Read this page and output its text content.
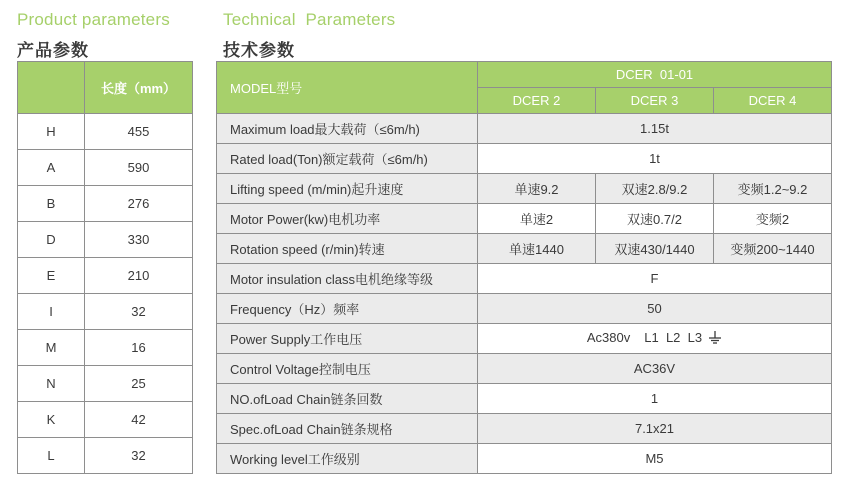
Product parameters
产品参数
Technical  Parameters
技术参数
	长度（mm）
H	455
A	590
B	276
D	330
E	210
I	32
M	16
N	25
K	42
L	32
MODEL型号	DCER  01-01		
	DCER 2	DCER 3	DCER 4
Maximum load最大载荷（≤6m/h)	1.15t		
Rated load(Ton)额定载荷（≤6m/h)	1t		
Lifting speed (m/min)起升速度	单速9.2	双速2.8/9.2	变频1.2~9.2
Motor Power(kw)电机功率	单速2	双速0.7/2	变频2
Rotation speed (r/min)转速	单速1440	双速430/1440	变频200~1440
Motor insulation class电机绝缘等级	F		
Frequency（Hz）频率	50		
Power Supply工作电压	Ac380v L1  L2  L3		
Control Voltage控制电压	AC36V		
NO.ofLoad Chain链条回数	1		
Spec.ofLoad Chain链条规格	7.1x21		
Working level工作级别	M5		
